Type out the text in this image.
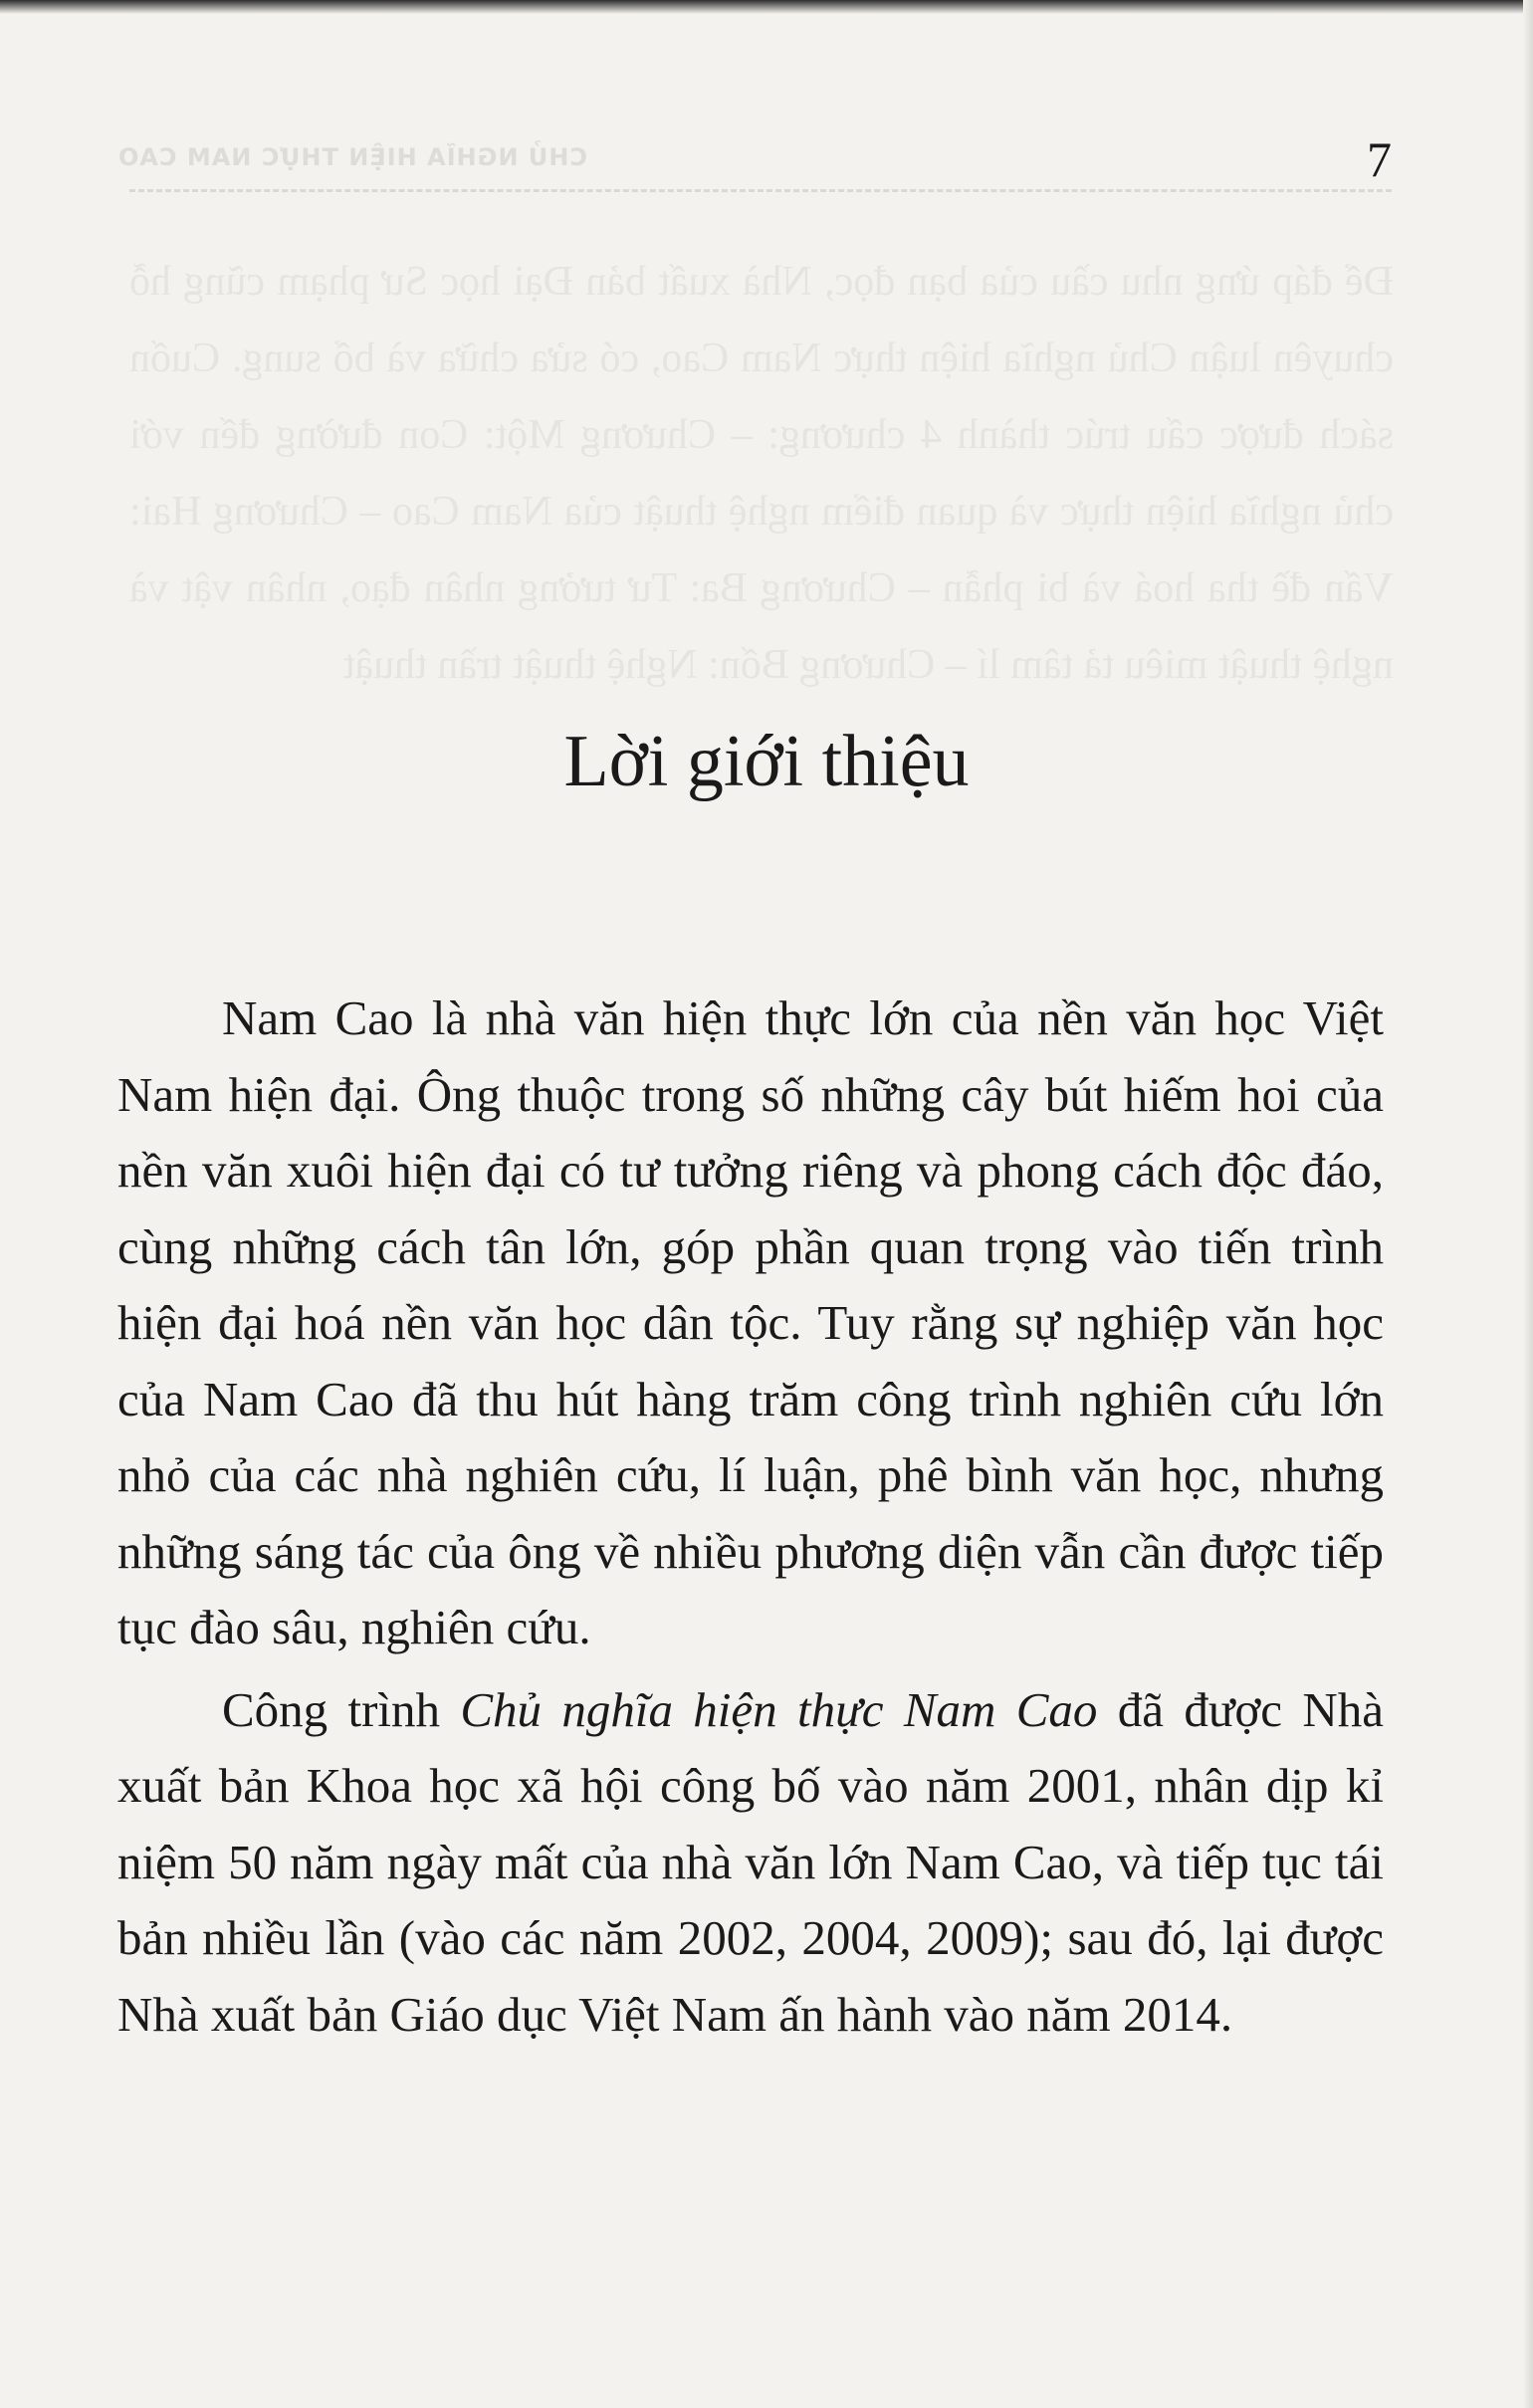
Để đáp ứng nhu cầu của bạn đọc, Nhà xuất bản Đại học Sư phạm cũng hỗ chuyên luận Chủ nghĩa hiện thực Nam Cao, có sửa chữa và bổ sung. Cuốn sách được cấu trúc thành 4 chương: – Chương Một: Con đường đến với chủ nghĩa hiện thực và quan điểm nghệ thuật của Nam Cao – Chương Hai: Vấn đề tha hoá và bi phẫn – Chương Ba: Tư tưởng nhân đạo, nhân vật và nghệ thuật miêu tả tâm lí – Chương Bốn: Nghệ thuật trần thuật
CHỦ NGHĨA HIỆN THỰC NAM CAO	7
Lời giới thiệu

Nam Cao là nhà văn hiện thực lớn của nền văn học Việt Nam hiện đại. Ông thuộc trong số những cây bút hiếm hoi của nền văn xuôi hiện đại có tư tưởng riêng và phong cách độc đáo, cùng những cách tân lớn, góp phần quan trọng vào tiến trình hiện đại hoá nền văn học dân tộc. Tuy rằng sự nghiệp văn học của Nam Cao đã thu hút hàng trăm công trình nghiên cứu lớn nhỏ của các nhà nghiên cứu, lí luận, phê bình văn học, nhưng những sáng tác của ông về nhiều phương diện vẫn cần được tiếp tục đào sâu, nghiên cứu.

Công trình Chủ nghĩa hiện thực Nam Cao đã được Nhà xuất bản Khoa học xã hội công bố vào năm 2001, nhân dịp kỉ niệm 50 năm ngày mất của nhà văn lớn Nam Cao, và tiếp tục tái bản nhiều lần (vào các năm 2002, 2004, 2009); sau đó, lại được Nhà xuất bản Giáo dục Việt Nam ấn hành vào năm 2014.
